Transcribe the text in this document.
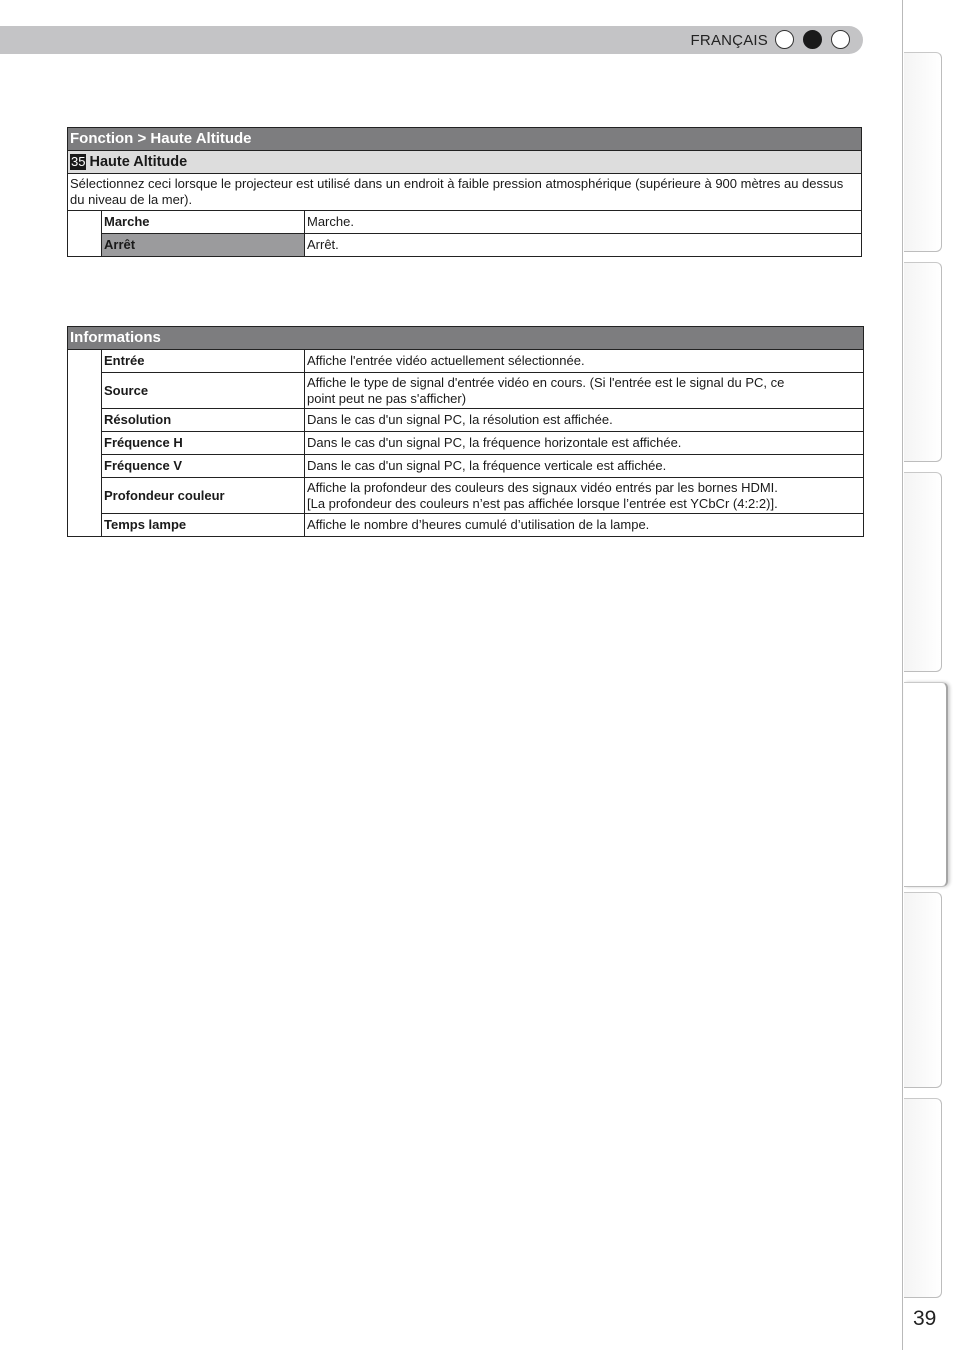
FRANÇAIS
39
Fonction > Haute Altitude		
35 Haute Altitude		
Sélectionnez ceci lorsque le projecteur est utilisé dans un endroit à faible pression atmosphérique (supérieure à 900 mètres au dessus du niveau de la mer).		
	Marche	Marche.
	Arrêt	Arrêt.
Informations		
	Entrée	Affiche l'entrée vidéo actuellement sélectionnée.
	Source	Affiche le type de signal d'entrée vidéo en cours. (Si l'entrée est le signal du PC, ce
point peut ne pas s'afficher)

	Résolution	Dans le cas d'un signal PC, la résolution est affichée.
	Fréquence H	Dans le cas d'un signal PC, la fréquence horizontale est affichée.
	Fréquence V	Dans le cas d'un signal PC, la fréquence verticale est affichée.
	Profondeur couleur	Affiche la profondeur des couleurs des signaux vidéo entrés par les bornes HDMI.
[La profondeur des couleurs n’est pas affichée lorsque l’entrée est YCbCr (4:2:2)].

	Temps lampe	Affiche le nombre d’heures cumulé d’utilisation de la lampe.
